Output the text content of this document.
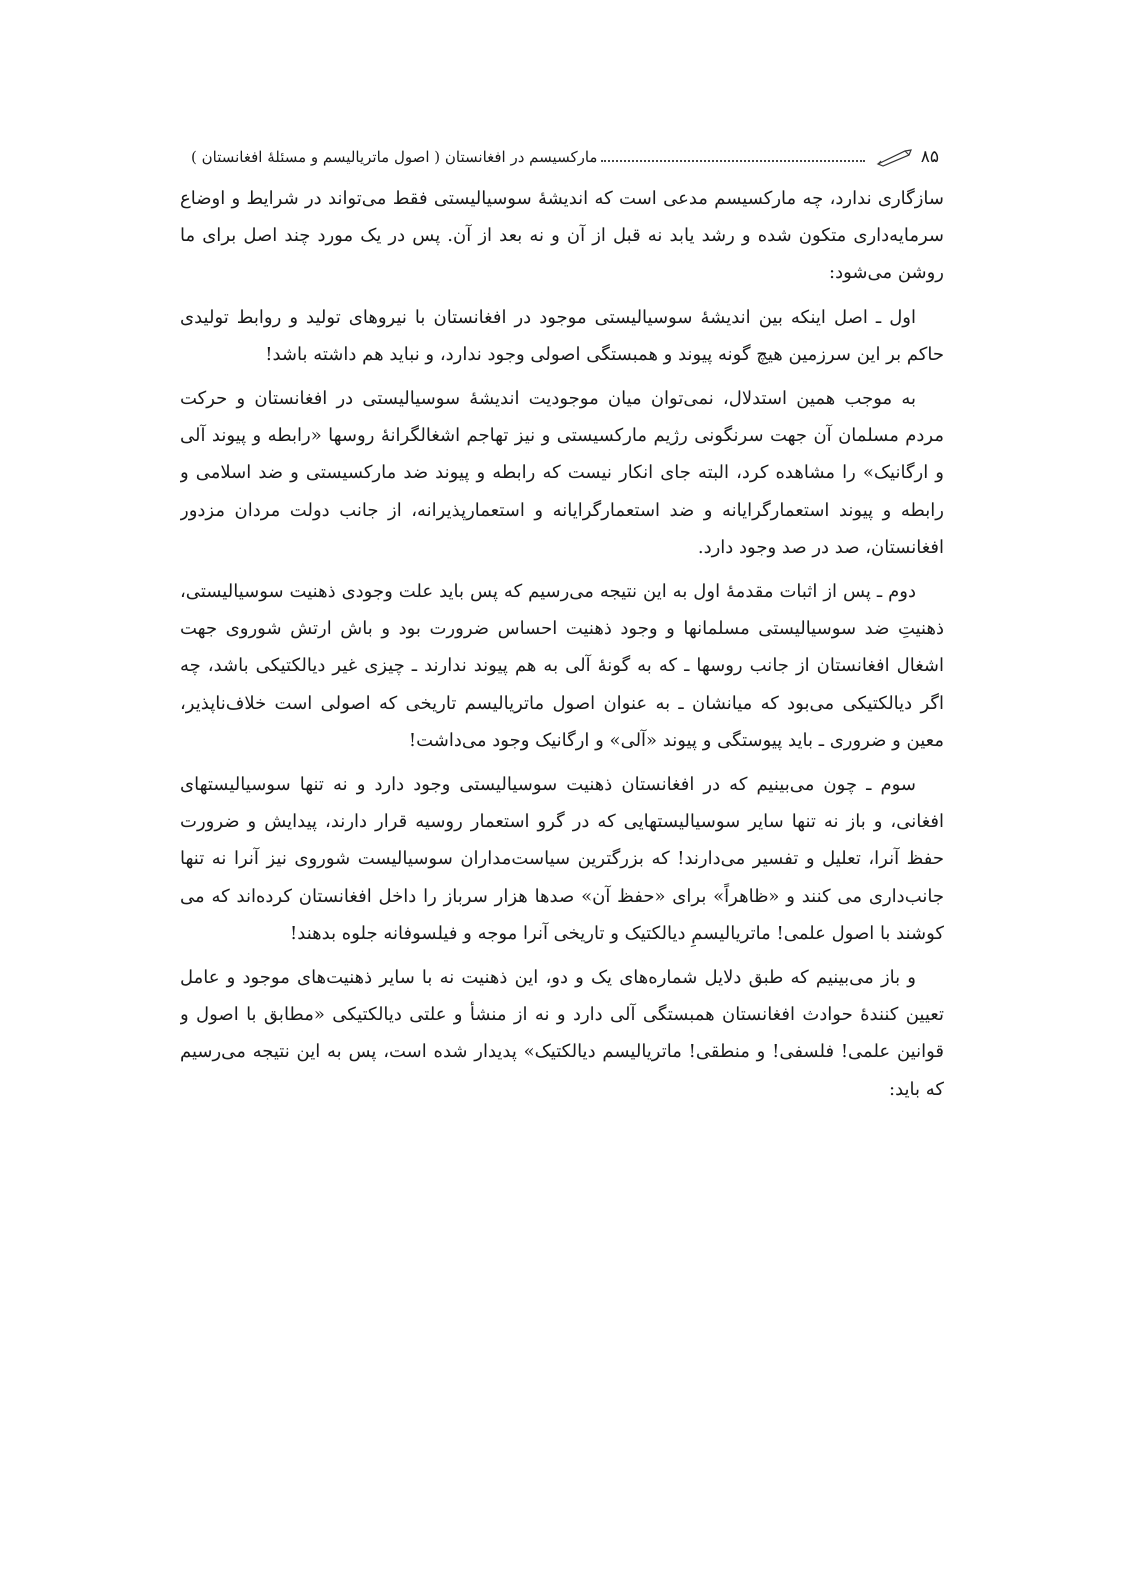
مارکسیسم در افغانستان ( اصول ماتریالیسم و مسئلهٔ افغانستان )	۸۵

سازگاری ندارد، چه مارکسیسم مدعی است که اندیشهٔ سوسیالیستی فقط می‌تواند در شرایط و اوضاع سرمایه‌داری متکون شده و رشد یابد نه قبل از آن و نه بعد از آن. پس در یک مورد چند اصل برای ما روشن می‌شود:

اول ـ اصل اینکه بین اندیشهٔ سوسیالیستی موجود در افغانستان با نیروهای تولید و روابط تولیدی حاکم بر این سرزمین هیچ گونه پیوند و همبستگی اصولی وجود ندارد، و نباید هم داشته باشد!

به موجب همین استدلال، نمی‌توان میان موجودیت اندیشهٔ سوسیالیستی در افغانستان و حرکت مردم مسلمان آن جهت سرنگونی رژیم مارکسیستی و نیز تهاجم اشغالگرانهٔ روسها «رابطه و پیوند آلی و ارگانیک» را مشاهده کرد، البته جای انکار نیست که رابطه و پیوند ضد مارکسیستی و ضد اسلامی و رابطه و پیوند استعمارگرایانه و ضد استعمارگرایانه و استعمارپذیرانه، از جانب دولت مردان مزدور افغانستان، صد در صد وجود دارد.

دوم ـ پس از اثبات مقدمهٔ اول به این نتیجه می‌رسیم که پس باید علت وجودی ذهنیت سوسیالیستی، ذهنیتِ ضد سوسیالیستی مسلمانها و وجود ذهنیت احساس ضرورت بود و باش ارتش شوروی جهت اشغال افغانستان از جانب روسها ـ که به گونهٔ آلی به هم پیوند ندارند ـ چیزی غیر دیالکتیکی باشد، چه اگر دیالکتیکی می‌بود که میانشان ـ به عنوان اصول ماتریالیسم تاریخی که اصولی است خلاف‌ناپذیر، معین و ضروری ـ باید پیوستگی و پیوند «آلی» و ارگانیک وجود می‌داشت!

سوم ـ چون می‌بینیم که در افغانستان ذهنیت سوسیالیستی وجود دارد و نه تنها سوسیالیستهای افغانی، و باز نه تنها سایر سوسیالیستهایی که در گرو استعمار روسیه قرار دارند، پیدایش و ضرورت حفظ آنرا، تعلیل و تفسیر می‌دارند! که بزرگترین سیاست‌مداران سوسیالیست شوروی نیز آنرا نه تنها جانب‌داری می کنند و «ظاهراً» برای «حفظ آن» صدها هزار سرباز را داخل افغانستان کرده‌اند که می کوشند با اصول علمی! ماتریالیسمِ دیالکتیک و تاریخی آنرا موجه و فیلسوفانه جلوه بدهند!

و باز می‌بینیم که طبق دلایل شماره‌های یک و دو، این ذهنیت نه با سایر ذهنیت‌های موجود و عامل تعیین کنندهٔ حوادث افغانستان همبستگی آلی دارد و نه از منشأ و علتی دیالکتیکی «مطابق با اصول و قوانین علمی! فلسفی! و منطقی! ماتریالیسم دیالکتیک» پدیدار شده است، پس به این نتیجه می‌رسیم که باید:
